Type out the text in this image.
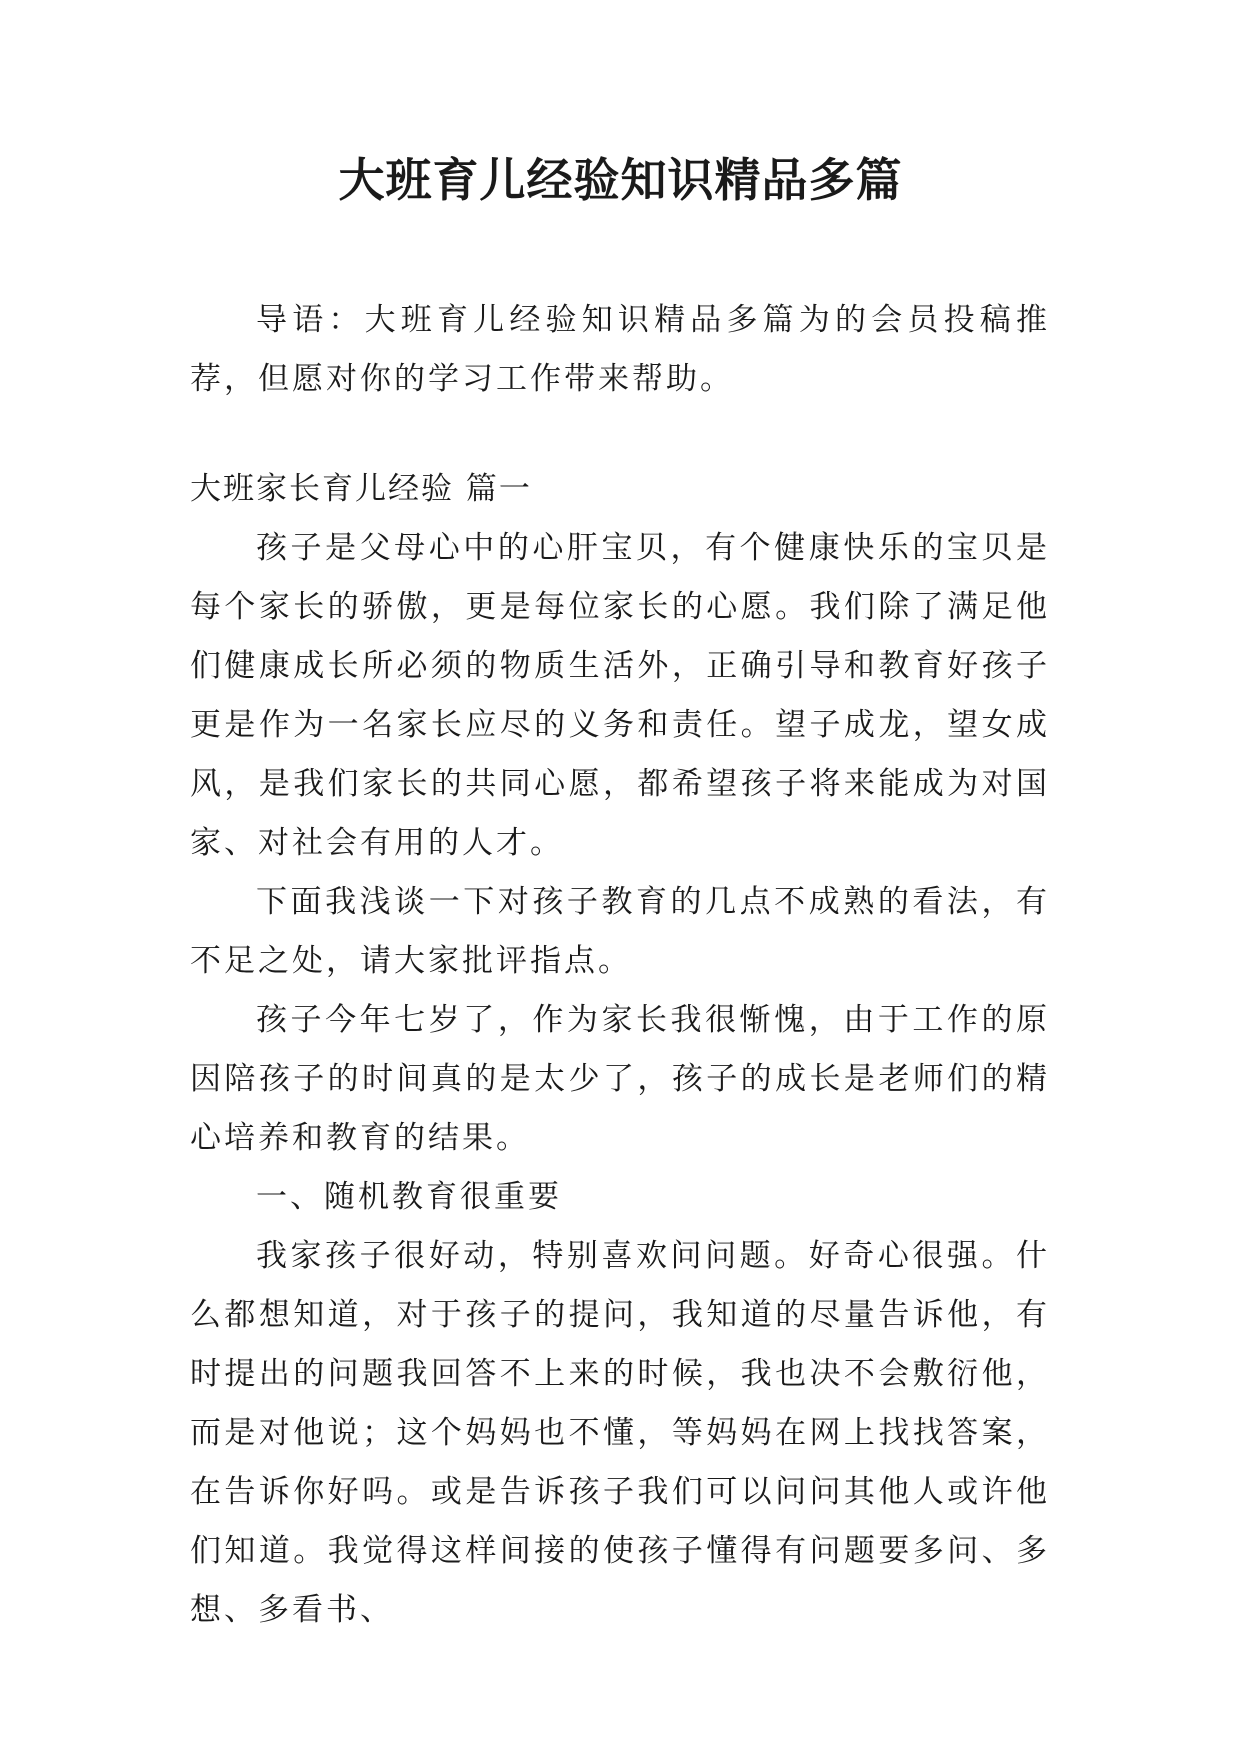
大班育儿经验知识精品多篇

导语：大班育儿经验知识精品多篇为的会员投稿推荐，但愿对你的学习工作带来帮助。

大班家长育儿经验 篇一

孩子是父母心中的心肝宝贝，有个健康快乐的宝贝是每个家长的骄傲，更是每位家长的心愿。我们除了满足他们健康成长所必须的物质生活外，正确引导和教育好孩子更是作为一名家长应尽的义务和责任。望子成龙，望女成风，是我们家长的共同心愿，都希望孩子将来能成为对国家、对社会有用的人才。

下面我浅谈一下对孩子教育的几点不成熟的看法，有不足之处，请大家批评指点。

孩子今年七岁了，作为家长我很惭愧，由于工作的原因陪孩子的时间真的是太少了，孩子的成长是老师们的精心培养和教育的结果。

一、随机教育很重要

我家孩子很好动，特别喜欢问问题。好奇心很强。什么都想知道，对于孩子的提问，我知道的尽量告诉他，有时提出的问题我回答不上来的时候，我也决不会敷衍他，而是对他说；这个妈妈也不懂，等妈妈在网上找找答案，在告诉你好吗。或是告诉孩子我们可以问问其他人或许他们知道。我觉得这样间接的使孩子懂得有问题要多问、多想、多看书、
